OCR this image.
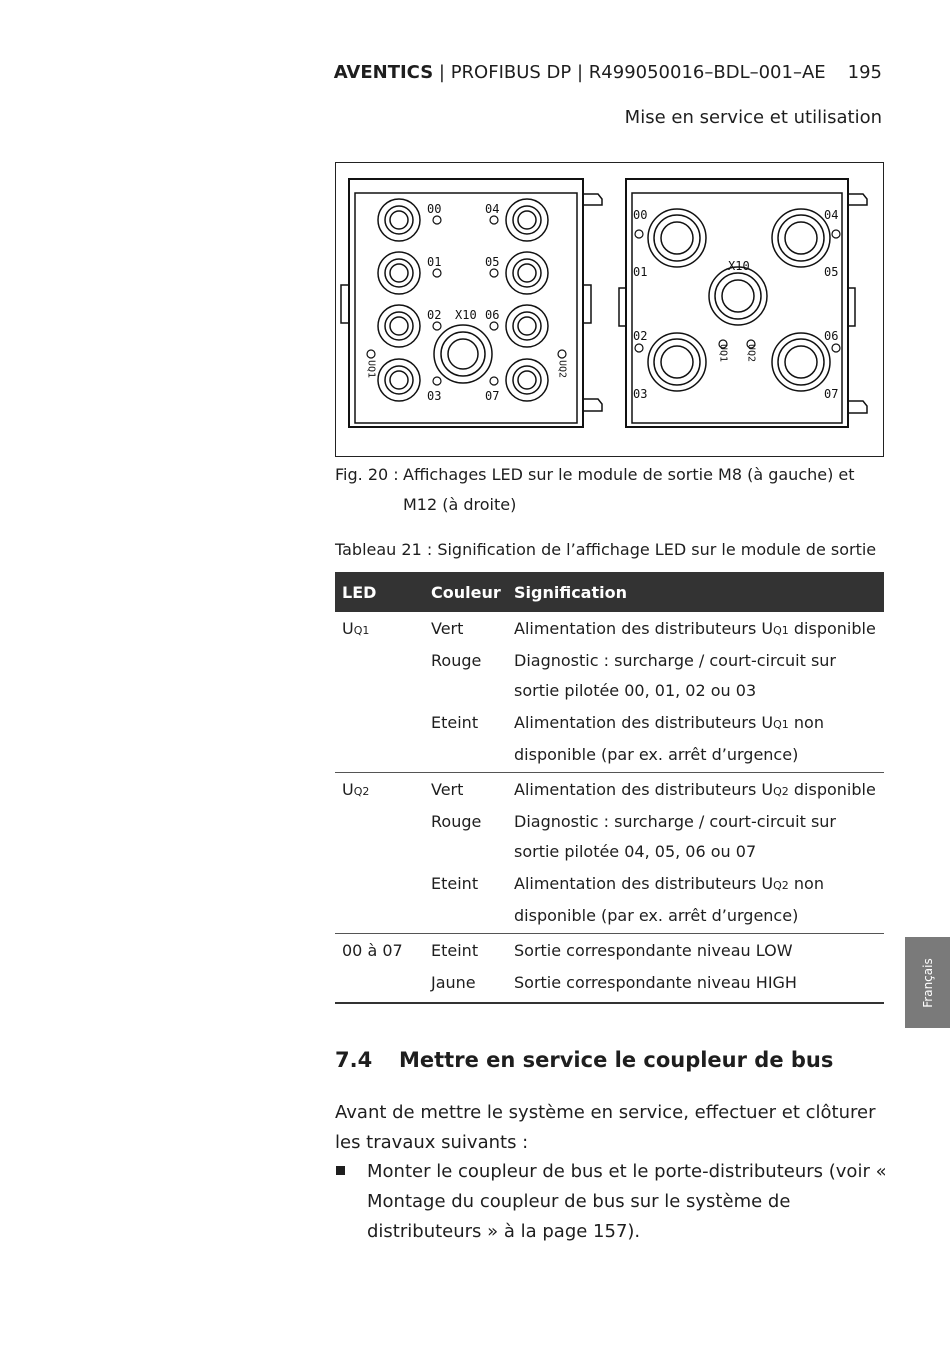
AVENTICS | PROFIBUS DP | R499050016–BDL–001–AE 195
Mise en service et utilisation
00	04
01	05
02	06
X10
03	07
UQ1	UQ2
00	04
01	05
X10
02	06
03	07
UQ1 UQ2
Fig. 20 : Affichages LED sur le module de sortie M8 (à gauche) et M12 (à droite)
Tableau 21 : Signification de l’affichage LED sur le module de sortie
LED	Couleur	Signification
UQ1	Vert	Alimentation des distributeurs UQ1 disponible
	Rouge	Diagnostic : surcharge / court-circuit sur sortie pilotée 00, 01, 02 ou 03
	Eteint	Alimentation des distributeurs UQ1 non disponible (par ex. arrêt d’urgence)
UQ2	Vert	Alimentation des distributeurs UQ2 disponible
	Rouge	Diagnostic : surcharge / court-circuit sur sortie pilotée 04, 05, 06 ou 07
	Eteint	Alimentation des distributeurs UQ2 non disponible (par ex. arrêt d’urgence)
00 à 07	Eteint	Sortie correspondante niveau LOW
	Jaune	Sortie correspondante niveau HIGH	Français
7.4 Mettre en service le coupleur de bus
Avant de mettre le système en service, effectuer et clôturer les travaux suivants :
Monter le coupleur de bus et le porte-distributeurs (voir « Montage du coupleur de bus sur le système de distributeurs » à la page 157).
